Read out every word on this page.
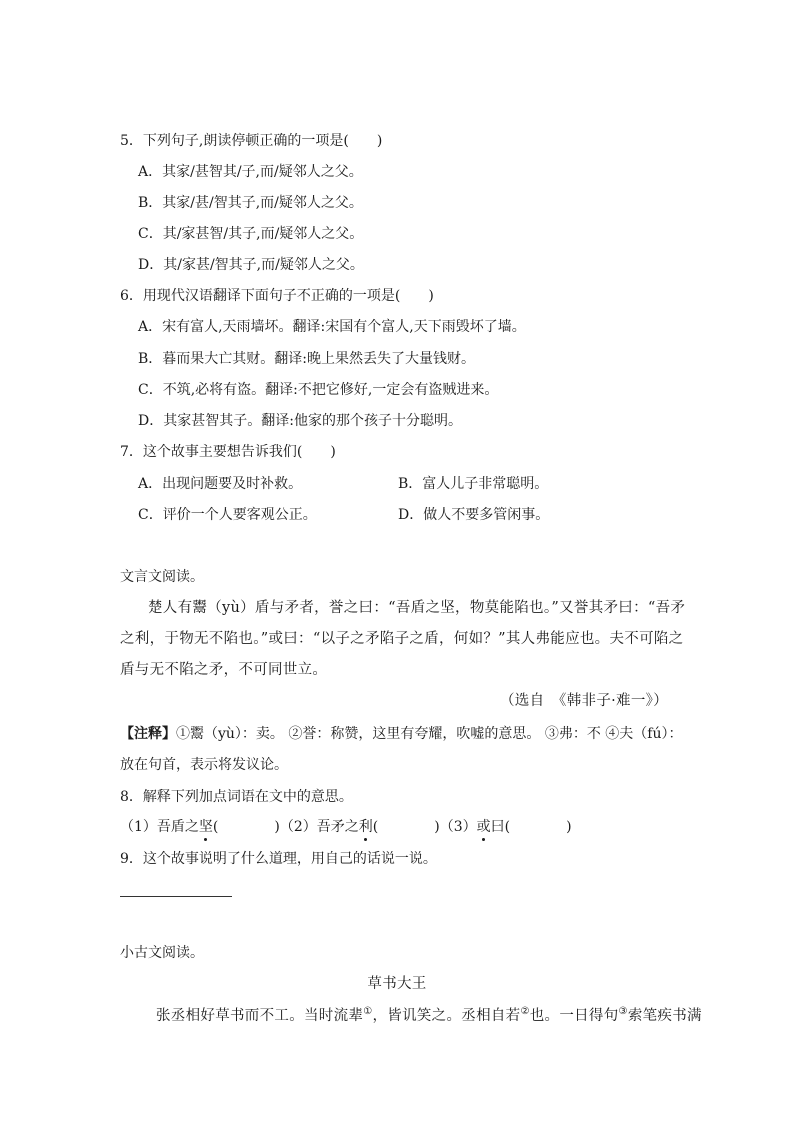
5．下列句子,朗读停顿正确的一项是(　　)
A．其家/甚智其/子,而/疑邻人之父。
B．其家/甚/智其子,而/疑邻人之父。
C．其/家甚智/其子,而/疑邻人之父。
D．其/家甚/智其子,而/疑邻人之父。
6．用现代汉语翻译下面句子不正确的一项是(　　)
A．宋有富人,天雨墙坏。翻译:宋国有个富人,天下雨毁坏了墙。
B．暮而果大亡其财。翻译:晚上果然丢失了大量钱财。
C．不筑,必将有盗。翻译:不把它修好,一定会有盗贼进来。
D．其家甚智其子。翻译:他家的那个孩子十分聪明。
7．这个故事主要想告诉我们(　　)
A．出现问题要及时补救。	B．富人儿子非常聪明。
C．评价一个人要客观公正。	D．做人不要多管闲事。
文言文阅读。
楚人有鬻（yù）盾与矛者，誉之曰：“吾盾之坚，物莫能陷也。”又誉其矛曰：“吾矛
之利，于物无不陷也。”或曰：“以子之矛陷子之盾，何如？”其人弗能应也。夫不可陷之
盾与无不陷之矛，不可同世立。
（选自　《韩非子·难一》）
【注释】①鬻（yù）：卖。 ②誉：称赞，这里有夸耀，吹嘘的意思。 ③弗：不 ④夫（fú）：
放在句首，表示将发议论。
8．解释下列加点词语在文中的意思。
（1）吾盾之坚(　　　　)（2）吾矛之利(　　　　)（3）或曰(　　　　)
9．这个故事说明了什么道理，用自己的话说一说。
小古文阅读。
草书大王
张丞相好草书而不工。当时流辈①，皆讥笑之。丞相自若②也。一日得句③索笔疾书满
